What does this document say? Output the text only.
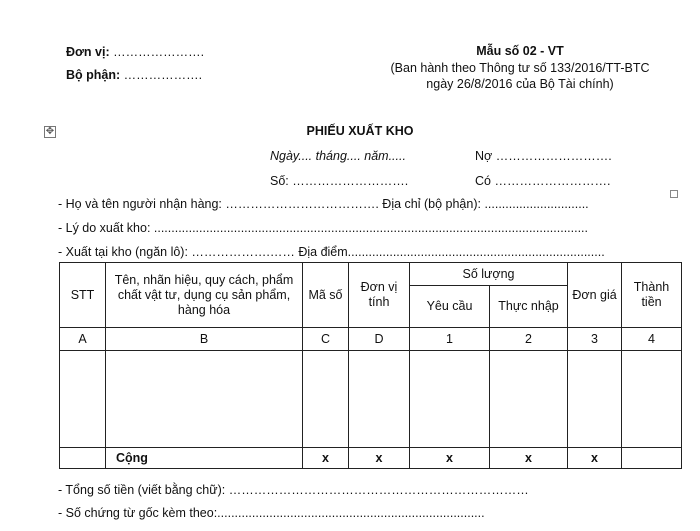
Đơn vị: ………………….
Bộ phận: ……………….
Mẫu số 02 - VT
(Ban hành theo Thông tư số 133/2016/TT-BTC
ngày 26/8/2016 của Bộ Tài chính)
✥	PHIẾU XUẤT KHO
Ngày.... tháng.... năm.....	Nợ ……………………….
Số: ……………………….	Có ……………………….
- Họ và tên người nhận hàng: ………………………………. Địa chỉ (bộ phận): ..............................
- Lý do xuất kho: .............................................................................................................................
- Xuất tại kho (ngăn lô): ……………….…… Địa điểm..........................................................................
STT	Tên, nhãn hiệu, quy cách, phẩm chất vật tư, dụng cụ sản phẩm, hàng hóa	Mã số	Đơn vị tính	Số lượng		Đơn giá	Thành tiền
				Yêu cầu	Thực nhập		
A	B	C	D	1	2	3	4

	Cộng	x	x	x	x	x	
- Tổng số tiền (viết bằng chữ): ………………………………………………………………
- Số chứng từ gốc kèm theo:.............................................................................
